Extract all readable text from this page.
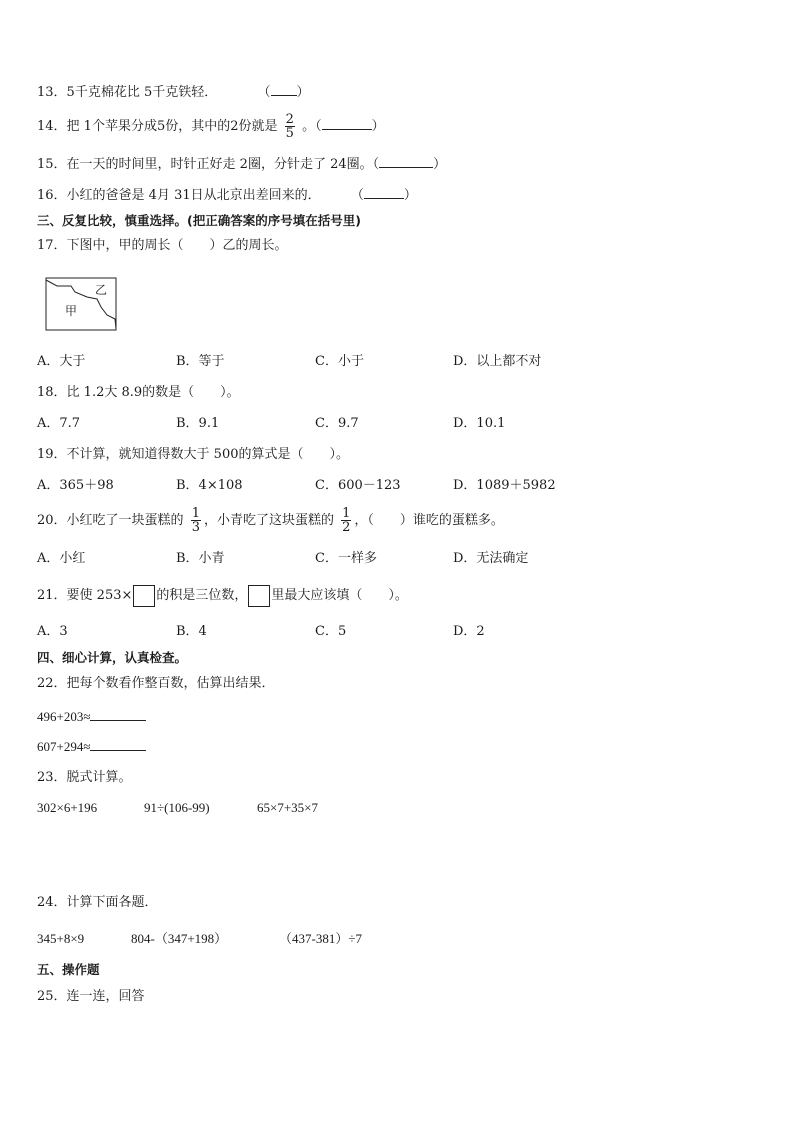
13．5千克棉花比 5千克铁轻．	（ ）
14．把 1个苹果分成5份，其中的2份就是 $\frac{2}{5}$ 。（	）
15．在一天的时间里，时针正好走 2圈，分针走了 24圈。（	）
16．小红的爸爸是 4月 31日从北京出差回来的． （	）
三、反复比较，慎重选择。(把正确答案的序号填在括号里)
17．下图中，甲的周长（　　）乙的周长。
甲
乙
A．大于	B．等于	C．小于	D．以上都不对
18．比 1.2大 8.9的数是（　　）。
A．7.7	B．9.1	C．9.7	D．10.1
19．不计算，就知道得数大于 500的算式是（　　）。
A．365＋98	B．4×108	C．600－123	D．1089＋5982
20．小红吃了一块蛋糕的 $\frac{1}{3}$ ，小青吃了这块蛋糕的 $\frac{1}{2}$ ，（　　）谁吃的蛋糕多。
A．小红	B．小青	C．一样多	D．无法确定
21．要使 253× 的积是三位数， 里最大应该填（　　）。
A．3	B．4	C．5	D．2
四、细心计算，认真检查。
22．把每个数看作整百数，估算出结果．
496+203≈
607+294≈
23．脱式计算。
302×6+196	91÷(106-99)	65×7+35×7
24．计算下面各题．
345+8×9	804-（347+198）	（437-381）÷7
五、操作题
25．连一连，回答
